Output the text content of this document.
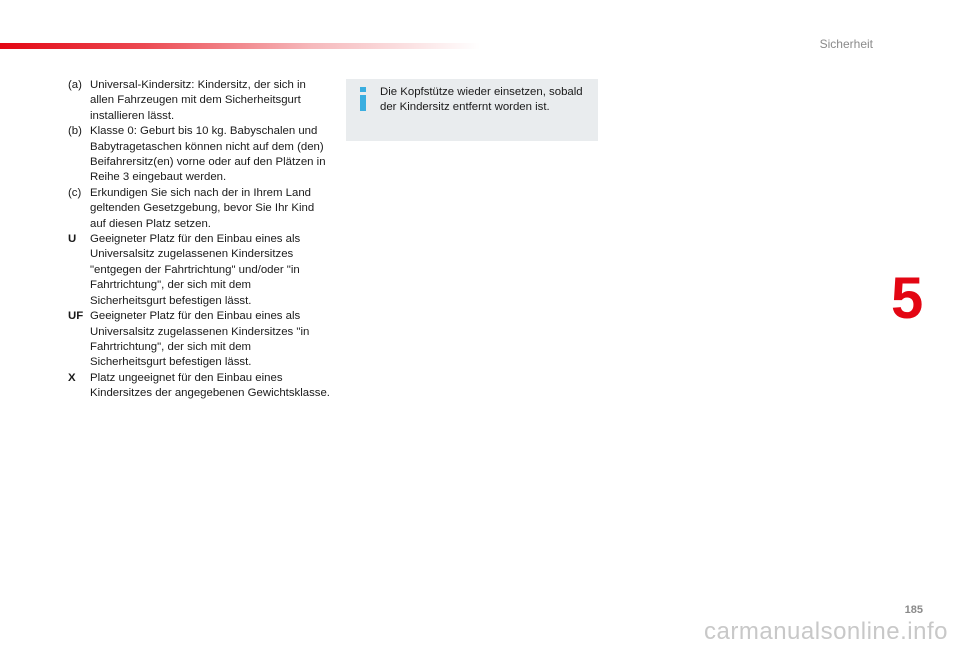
Sicherheit
5
(a) Universal-Kindersitz: Kindersitz, der sich in allen Fahrzeugen mit dem Sicherheitsgurt installieren lässt.
(b) Klasse 0: Geburt bis 10 kg. Babyschalen und Babytragetaschen können nicht auf dem (den) Beifahrersitz(en) vorne oder auf den Plätzen in Reihe 3 eingebaut werden.
(c) Erkundigen Sie sich nach der in Ihrem Land geltenden Gesetzgebung, bevor Sie Ihr Kind auf diesen Platz setzen.
U	Geeigneter Platz für den Einbau eines als Universalsitz zugelassenen Kindersitzes "entgegen der Fahrtrichtung" und/oder "in Fahrtrichtung", der sich mit dem Sicherheitsgurt befestigen lässt.
UF Geeigneter Platz für den Einbau eines als Universalsitz zugelassenen Kindersitzes "in Fahrtrichtung", der sich mit dem Sicherheitsgurt befestigen lässt.
X	Platz ungeeignet für den Einbau eines Kindersitzes der angegebenen Gewichtsklasse.
Die Kopfstütze wieder einsetzen, sobald der Kindersitz entfernt worden ist.
185
carmanualsonline.info
